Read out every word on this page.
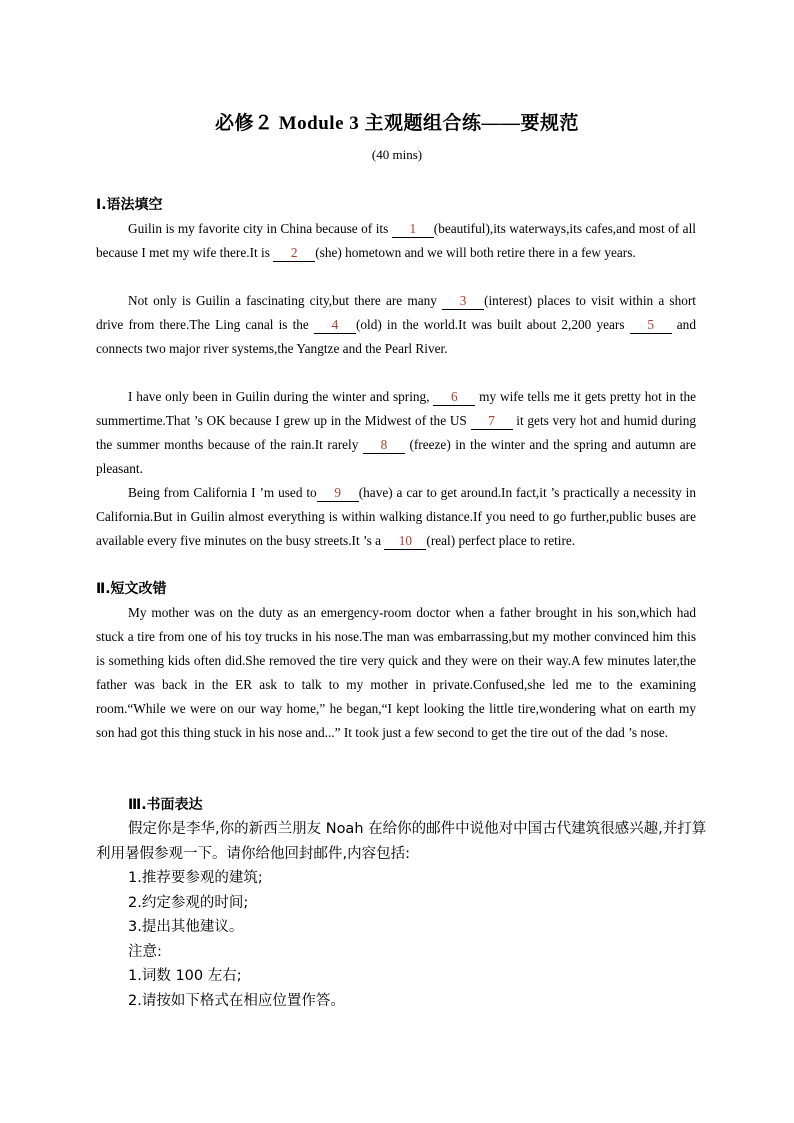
必修２ Module 3 主观题组合练——要规范
(40 mins)
Ⅰ.语法填空
Guilin is my favorite city in China because of its 1 (beautiful),its waterways,its cafes,and most of all because I met my wife there.It is 2 (she) hometown and we will both retire there in a few years.
Not only is Guilin a fascinating city,but there are many 3 (interest) places to visit within a short drive from there.The Ling canal is the 4 (old) in the world.It was built about 2,200 years 5 and connects two major river systems,the Yangtze and the Pearl River.
I have only been in Guilin during the winter and spring, 6 my wife tells me it gets pretty hot in the summertime.That ’s OK because I grew up in the Midwest of the US 7 it gets very hot and humid during the summer months because of the rain.It rarely 8 (freeze) in the winter and the spring and autumn are pleasant.
Being from California I ’m used to 9 (have) a car to get around.In fact,it ’s practically a necessity in California.But in Guilin almost everything is within walking distance.If you need to go further,public buses are available every five minutes on the busy streets.It ’s a 10 (real) perfect place to retire.
Ⅱ.短文改错
My mother was on the duty as an emergency-room doctor when a father brought in his son,which had stuck a tire from one of his toy trucks in his nose.The man was embarrassing,but my mother convinced him this is something kids often did.She removed the tire very quick and they were on their way.A few minutes later,the father was back in the ER ask to talk to my mother in private.Confused,she led me to the examining room.“While we were on our way home,” he began,“I kept looking the little tire,wondering what on earth my son had got this thing stuck in his nose and...” It took just a few second to get the tire out of the dad ’s nose.
Ⅲ.书面表达
假定你是李华,你的新西兰朋友 Noah 在给你的邮件中说他对中国古代建筑很感兴趣,并打算利用暑假参观一下。请你给他回封邮件,内容包括:
1.推荐要参观的建筑;
2.约定参观的时间;
3.提出其他建议。
注意:
1.词数 100 左右;
2.请按如下格式在相应位置作答。
